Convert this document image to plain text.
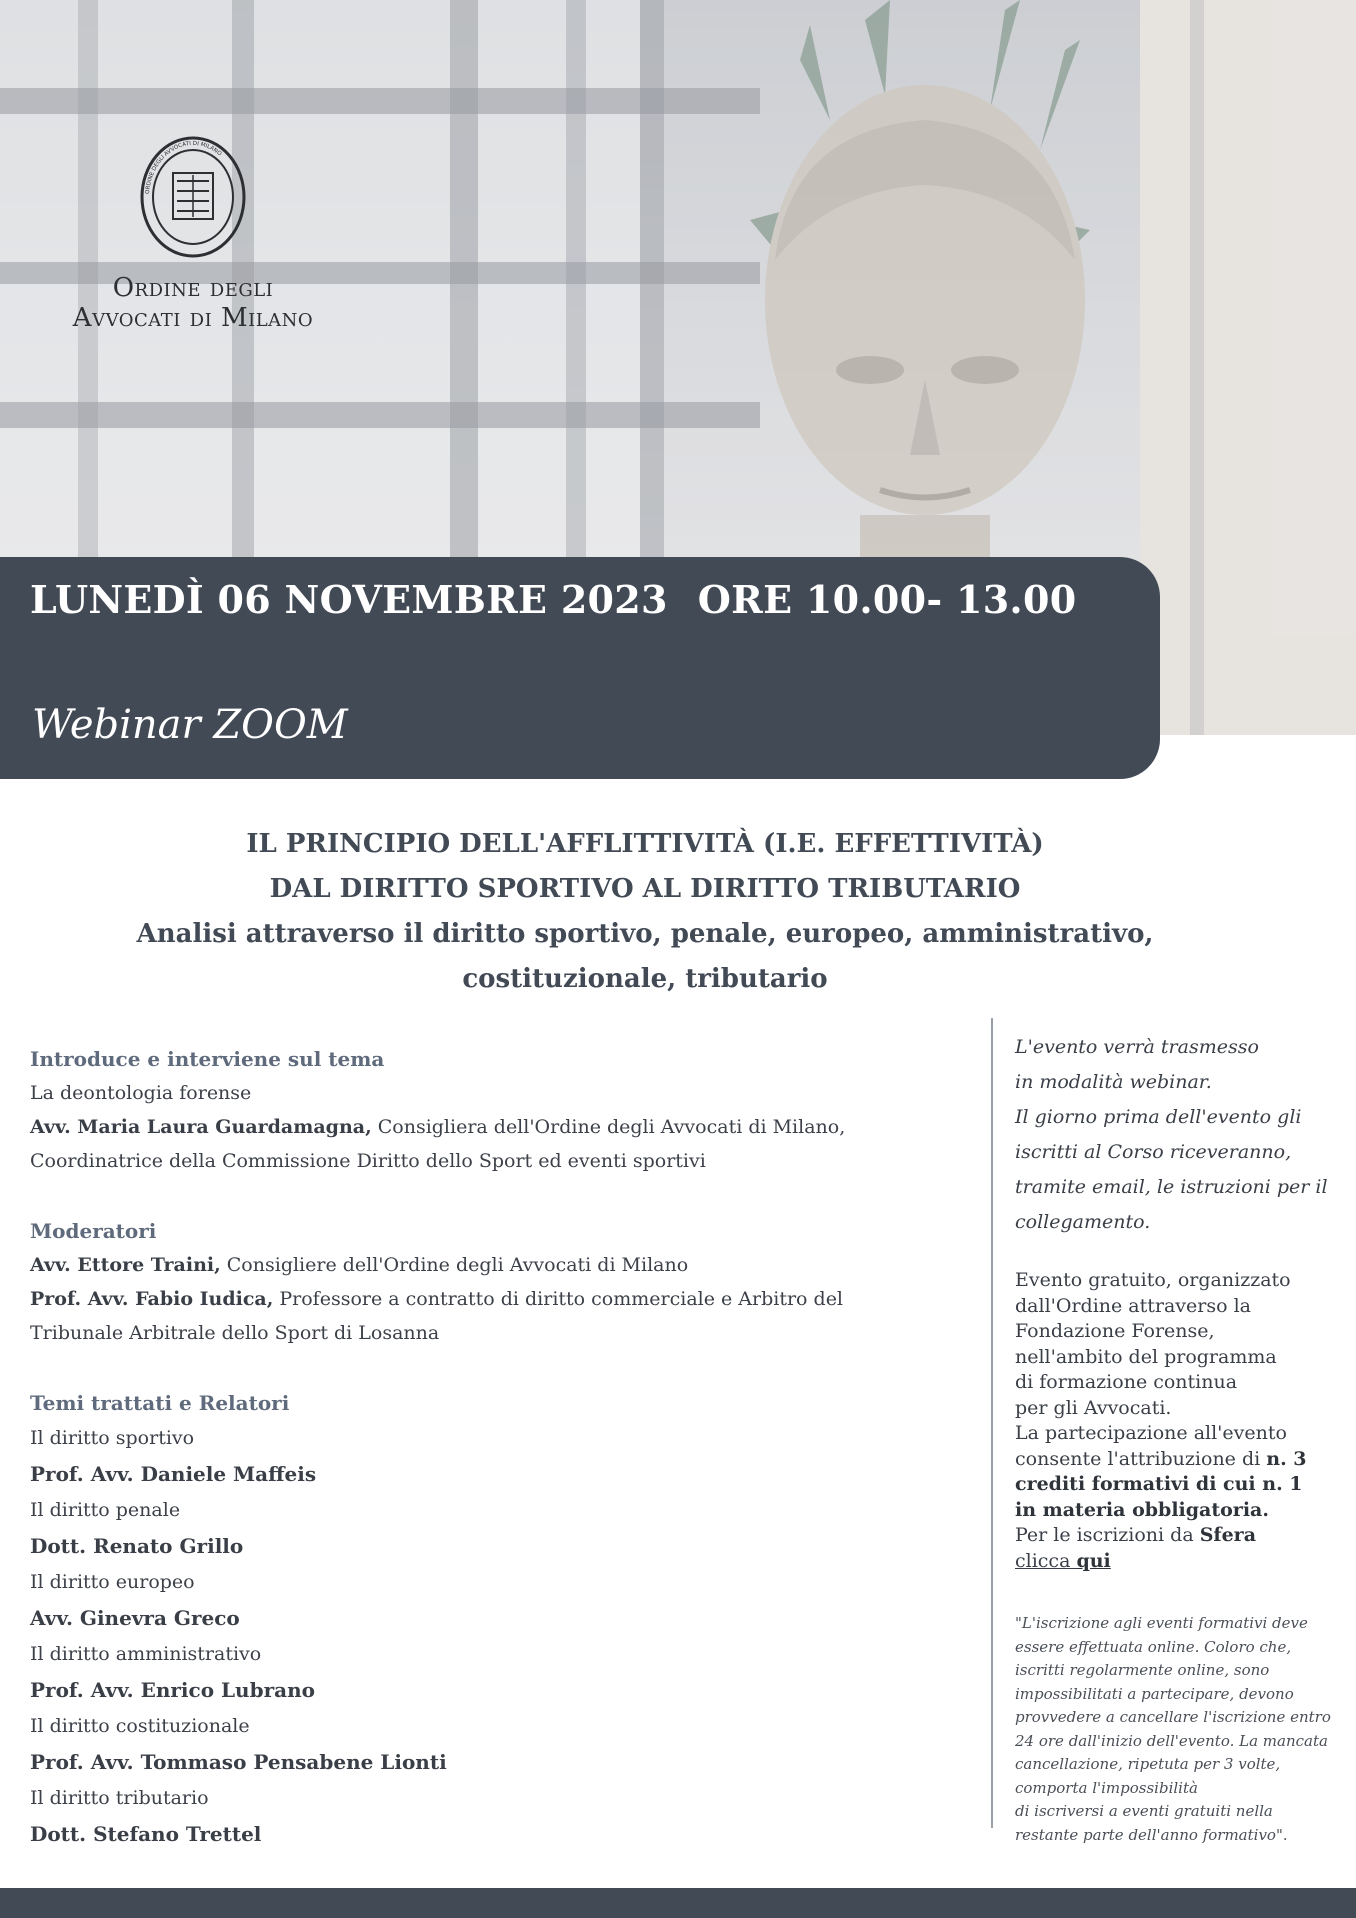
ORDINE DEGLI AVVOCATI DI MILANO
Ordine degli
Avvocati di Milano
LUNEDÌ 06 NOVEMBRE 2023 ORE 10.00- 13.00
Webinar ZOOM
IL PRINCIPIO DELL'AFFLITTIVITÀ (I.E. EFFETTIVITÀ)
DAL DIRITTO SPORTIVO AL DIRITTO TRIBUTARIO
Analisi attraverso il diritto sportivo, penale, europeo, amministrativo,
costituzionale, tributario
Introduce e interviene sul tema
La deontologia forense
Avv. Maria Laura Guardamagna, Consigliera dell'Ordine degli Avvocati di Milano,
Coordinatrice della Commissione Diritto dello Sport ed eventi sportivi
Moderatori
Avv. Ettore Traini, Consigliere dell'Ordine degli Avvocati di Milano
Prof. Avv. Fabio Iudica, Professore a contratto di diritto commerciale e Arbitro del
Tribunale Arbitrale dello Sport di Losanna
Temi trattati e Relatori
Il diritto sportivo
Prof. Avv. Daniele Maffeis
Il diritto penale
Dott. Renato Grillo
Il diritto europeo
Avv. Ginevra Greco
Il diritto amministrativo
Prof. Avv. Enrico Lubrano
Il diritto costituzionale
Prof. Avv. Tommaso Pensabene Lionti
Il diritto tributario
Dott. Stefano Trettel
L'evento verrà trasmesso
in modalità webinar.
Il giorno prima dell'evento gli
iscritti al Corso riceveranno,
tramite email, le istruzioni per il
collegamento.
Evento gratuito, organizzato
dall'Ordine attraverso la
Fondazione Forense,
nell'ambito del programma
di formazione continua
per gli Avvocati.
La partecipazione all'evento
consente l'attribuzione di n. 3
crediti formativi di cui n. 1
in materia obbligatoria.
Per le iscrizioni da Sfera
clicca qui
"L'iscrizione agli eventi formativi deve
essere effettuata online. Coloro che,
iscritti regolarmente online, sono
impossibilitati a partecipare, devono
provvedere a cancellare l'iscrizione entro
24 ore dall'inizio dell'evento. La mancata
cancellazione, ripetuta per 3 volte,
comporta l'impossibilità
di iscriversi a eventi gratuiti nella
restante parte dell'anno formativo".
